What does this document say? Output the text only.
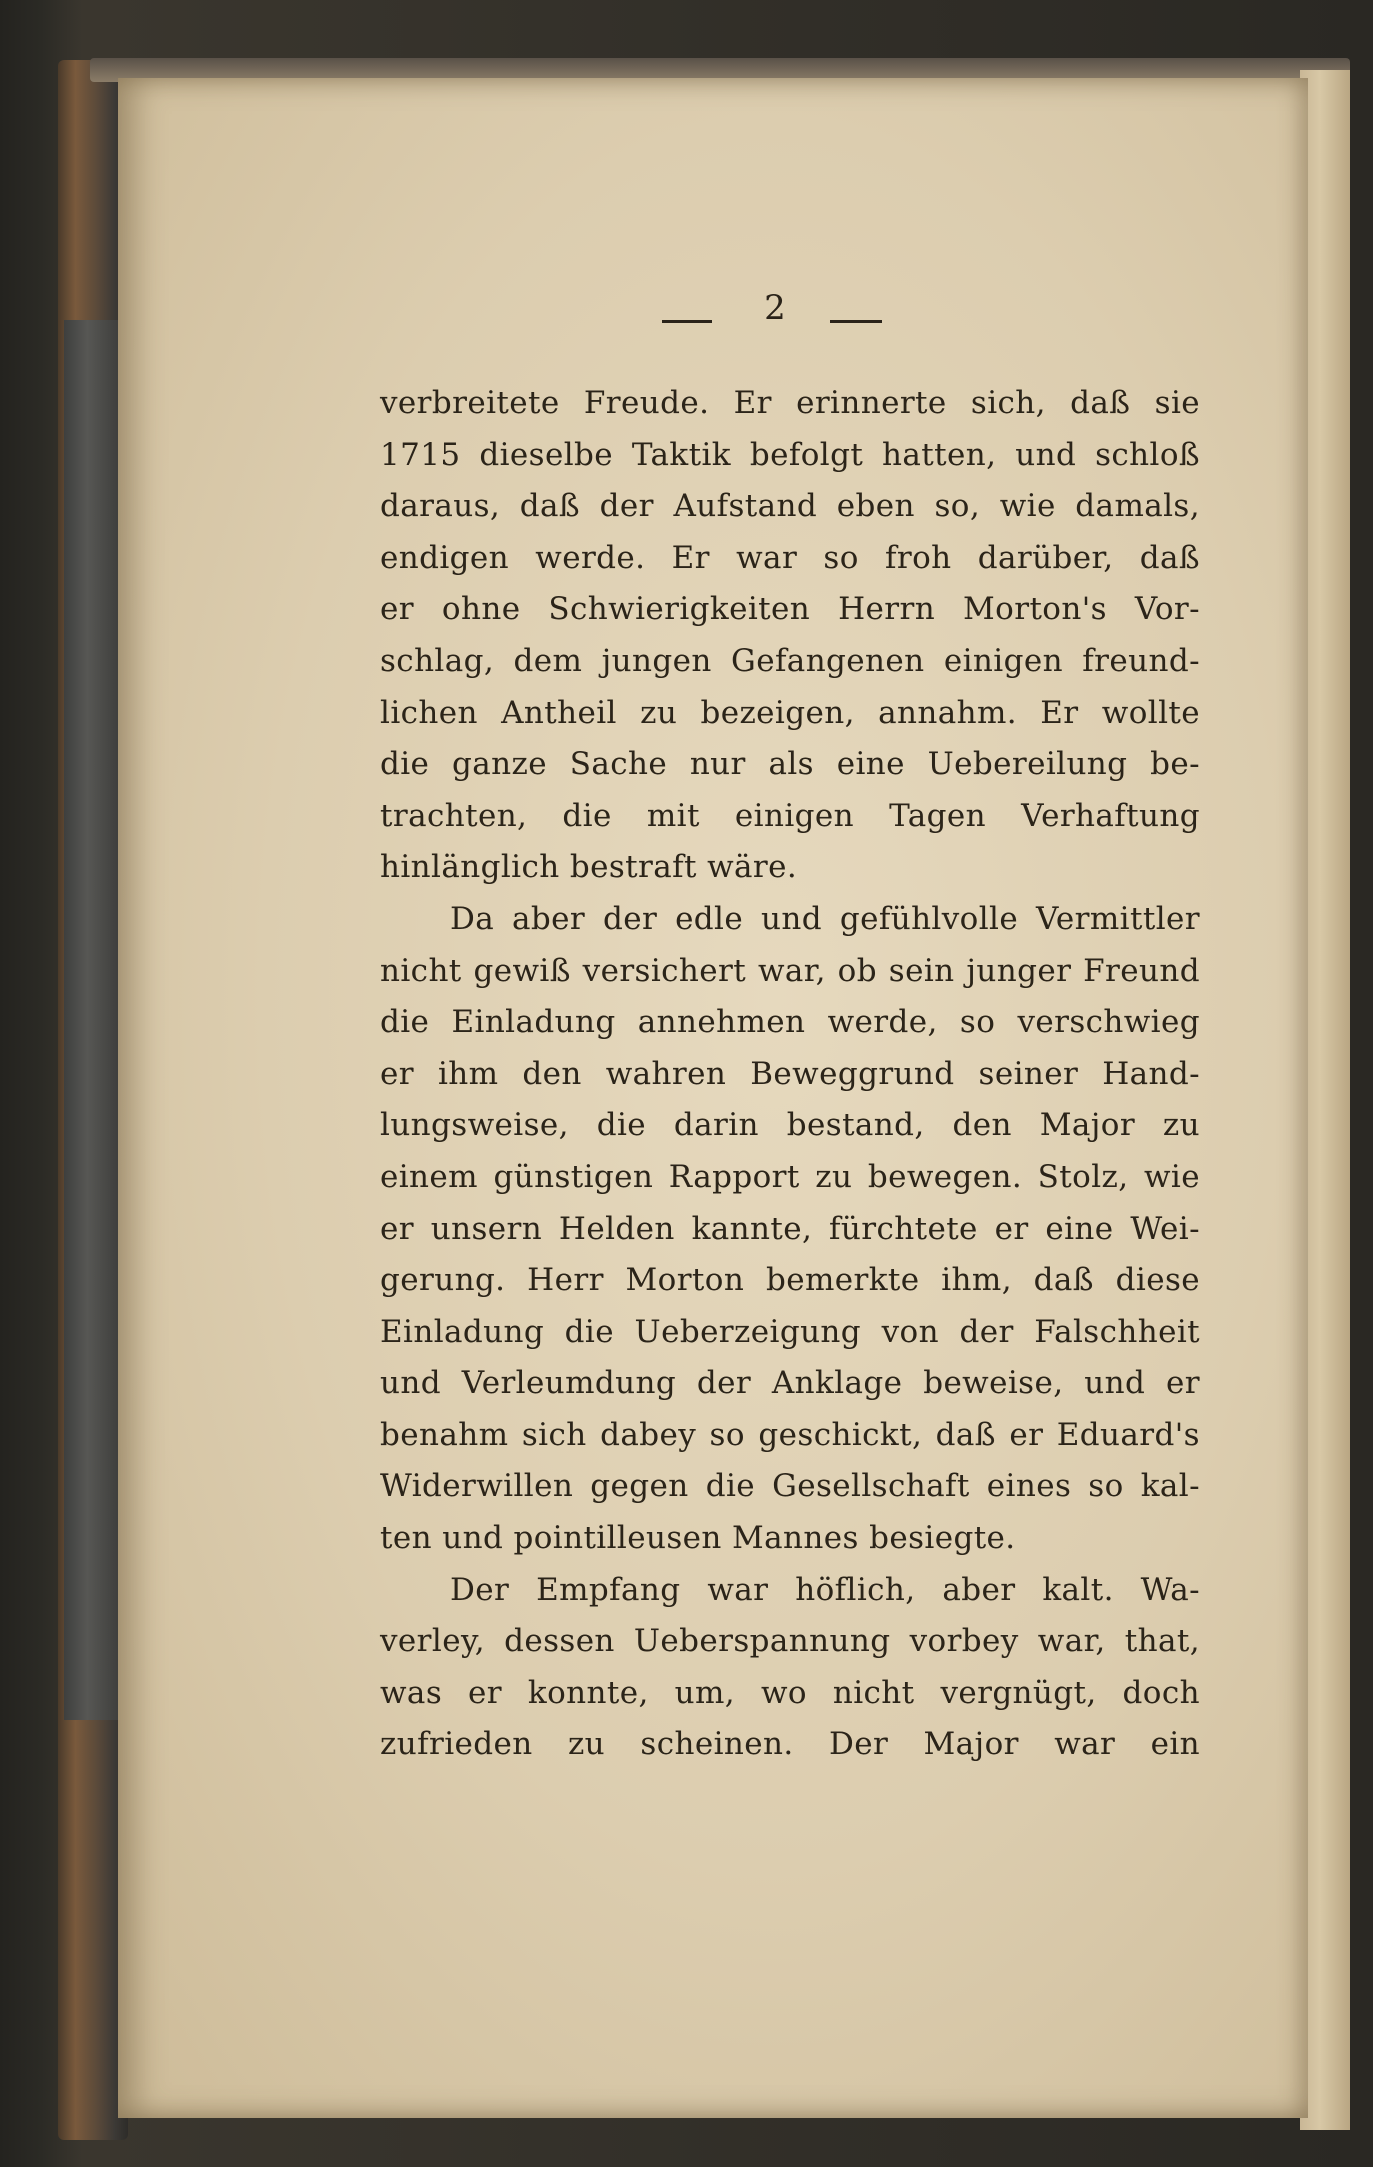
2

verbreitete Freude. Er erinnerte sich, daß sie
1715 dieselbe Taktik befolgt hatten, und schloß
daraus, daß der Aufstand eben so, wie damals,
endigen werde. Er war so froh darüber, daß
er ohne Schwierigkeiten Herrn Morton's Vor-
schlag, dem jungen Gefangenen einigen freund-
lichen Antheil zu bezeigen, annahm. Er wollte
die ganze Sache nur als eine Uebereilung be-
trachten, die mit einigen Tagen Verhaftung
hinlänglich bestraft wäre.

Da aber der edle und gefühlvolle Vermittler
nicht gewiß versichert war, ob sein junger Freund
die Einladung annehmen werde, so verschwieg
er ihm den wahren Beweggrund seiner Hand-
lungsweise, die darin bestand, den Major zu
einem günstigen Rapport zu bewegen. Stolz, wie
er unsern Helden kannte, fürchtete er eine Wei-
gerung. Herr Morton bemerkte ihm, daß diese
Einladung die Ueberzeigung von der Falschheit
und Verleumdung der Anklage beweise, und er
benahm sich dabey so geschickt, daß er Eduard's
Widerwillen gegen die Gesellschaft eines so kal-
ten und pointilleusen Mannes besiegte.

Der Empfang war höflich, aber kalt. Wa-
verley, dessen Ueberspannung vorbey war, that,
was er konnte, um, wo nicht vergnügt, doch
zufrieden zu scheinen. Der Major war ein
